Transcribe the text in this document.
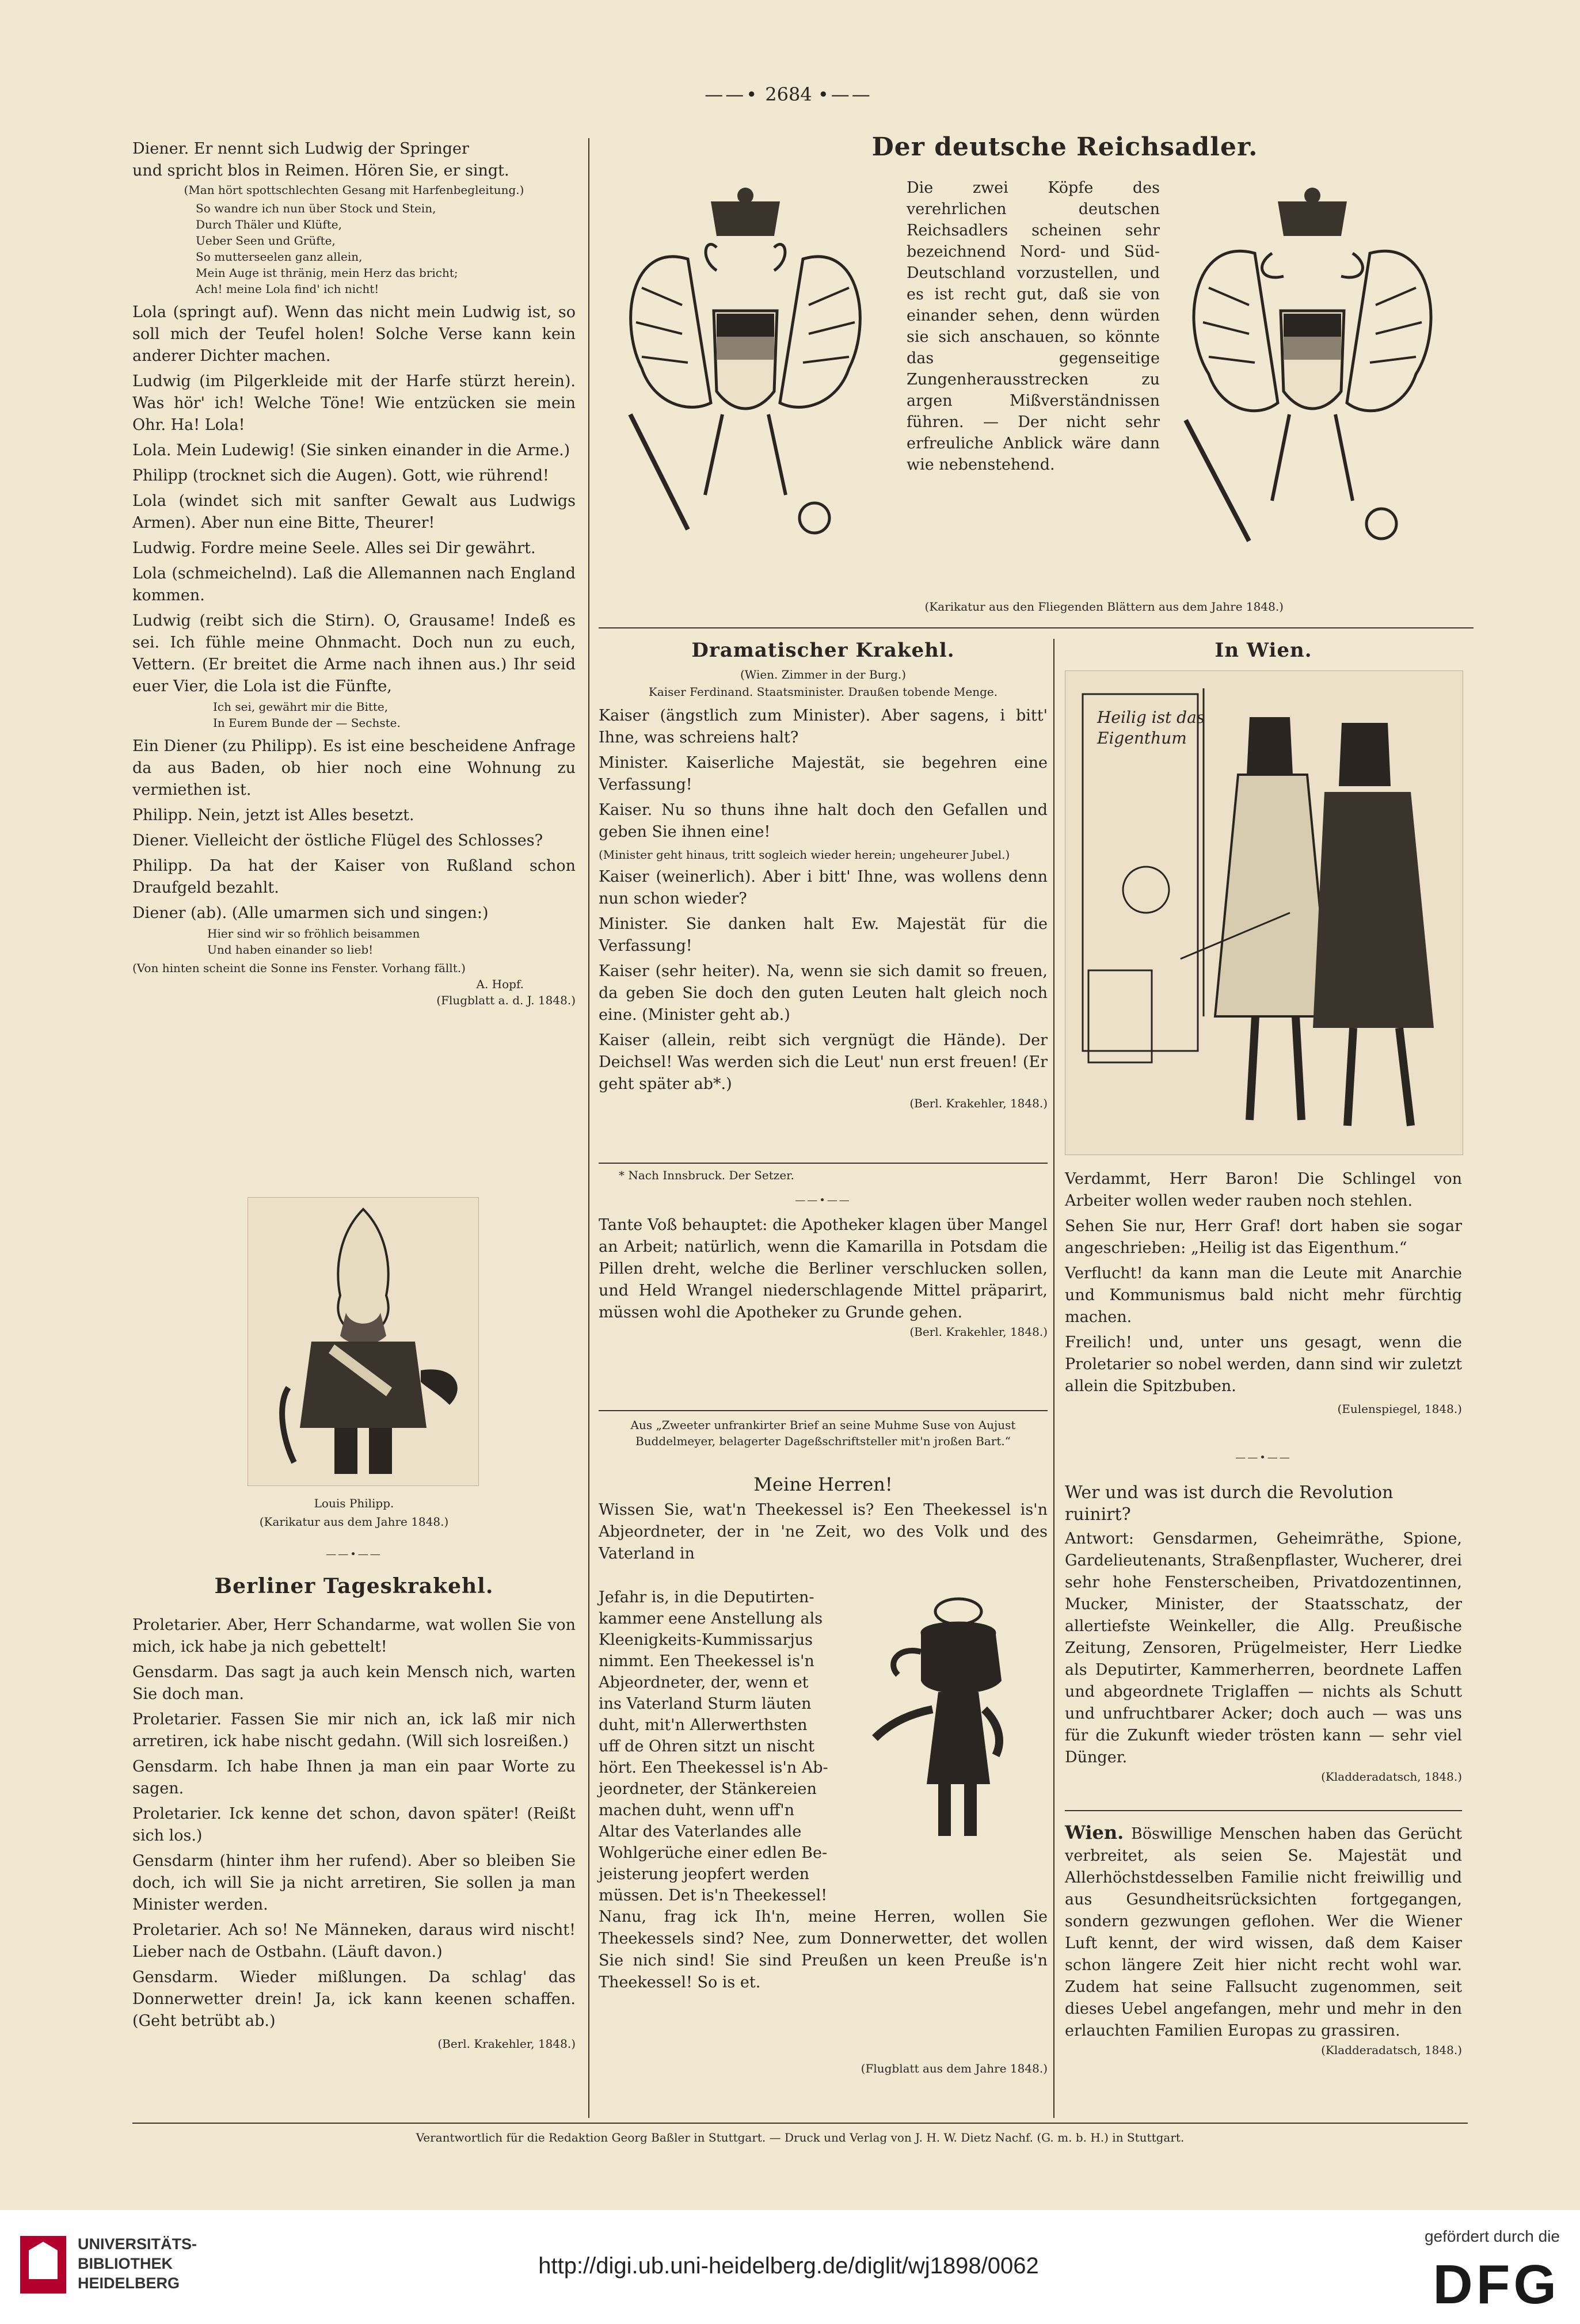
——• 2684 •——

Diener. Er nennt sich Ludwig der Springer

und spricht blos in Reimen. Hören Sie, er singt.

(Man hört spottschlechten Gesang mit Harfenbegleitung.)

So wandre ich nun über Stock und Stein,
Durch Thäler und Klüfte,
Ueber Seen und Grüfte,
So mutterseelen ganz allein,
Mein Auge ist thränig, mein Herz das bricht;
Ach! meine Lola find' ich nicht!

Lola (springt auf). Wenn das nicht mein Ludwig ist, so soll mich der Teufel holen! Solche Verse kann kein anderer Dichter machen.

Ludwig (im Pilgerkleide mit der Harfe stürzt herein). Was hör' ich! Welche Töne! Wie entzücken sie mein Ohr. Ha! Lola!

Lola. Mein Ludewig! (Sie sinken einander in die Arme.)

Philipp (trocknet sich die Augen). Gott, wie rührend!

Lola (windet sich mit sanfter Gewalt aus Ludwigs Armen). Aber nun eine Bitte, Theurer!

Ludwig. Fordre meine Seele. Alles sei Dir gewährt.

Lola (schmeichelnd). Laß die Allemannen nach England kommen.

Ludwig (reibt sich die Stirn). O, Grausame! Indeß es sei. Ich fühle meine Ohnmacht. Doch nun zu euch, Vettern. (Er breitet die Arme nach ihnen aus.) Ihr seid euer Vier, die Lola ist die Fünfte,

Ich sei, gewährt mir die Bitte,
In Eurem Bunde der — Sechste.

Ein Diener (zu Philipp). Es ist eine bescheidene Anfrage da aus Baden, ob hier noch eine Wohnung zu vermiethen ist.

Philipp. Nein, jetzt ist Alles besetzt.

Diener. Vielleicht der östliche Flügel des Schlosses?

Philipp. Da hat der Kaiser von Rußland schon Draufgeld bezahlt.

Diener (ab). (Alle umarmen sich und singen:)

Hier sind wir so fröhlich beisammen
Und haben einander so lieb!

(Von hinten scheint die Sonne ins Fenster. Vorhang fällt.)

A. Hopf.

(Flugblatt a. d. J. 1848.)

Louis Philipp.
(Karikatur aus dem Jahre 1848.)
——•——
Berliner Tageskrakehl.

Proletarier. Aber, Herr Schandarme, wat wollen Sie von mich, ick habe ja nich gebettelt!

Gensdarm. Das sagt ja auch kein Mensch nich, warten Sie doch man.

Proletarier. Fassen Sie mir nich an, ick laß mir nich arretiren, ick habe nischt gedahn. (Will sich losreißen.)

Gensdarm. Ich habe Ihnen ja man ein paar Worte zu sagen.

Proletarier. Ick kenne det schon, davon später! (Reißt sich los.)

Gensdarm (hinter ihm her rufend). Aber so bleiben Sie doch, ich will Sie ja nicht arretiren, Sie sollen ja man Minister werden.

Proletarier. Ach so! Ne Männeken, daraus wird nischt! Lieber nach de Ostbahn. (Läuft davon.)

Gensdarm. Wieder mißlungen. Da schlag' das Donnerwetter drein! Ja, ick kann keenen schaffen. (Geht betrübt ab.)

(Berl. Krakehler, 1848.)

Der deutsche Reichsadler.
Die zwei Köpfe des verehrlichen deutschen Reichsadlers scheinen sehr bezeichnend Nord- und Süd-Deutschland vorzustellen, und es ist recht gut, daß sie von einander sehen, denn würden sie sich anschauen, so könnte das gegenseitige Zungenherausstrecken zu argen Mißverständnissen führen. — Der nicht sehr erfreuliche Anblick wäre dann wie nebenstehend.
(Karikatur aus den Fliegenden Blättern aus dem Jahre 1848.)
Dramatischer Krakehl.
(Wien. Zimmer in der Burg.)
Kaiser Ferdinand. Staatsminister. Draußen tobende Menge.

Kaiser (ängstlich zum Minister). Aber sagens, i bitt' Ihne, was schreiens halt?

Minister. Kaiserliche Majestät, sie begehren eine Verfassung!

Kaiser. Nu so thuns ihne halt doch den Gefallen und geben Sie ihnen eine!

(Minister geht hinaus, tritt sogleich wieder herein; ungeheurer Jubel.)

Kaiser (weinerlich). Aber i bitt' Ihne, was wollens denn nun schon wieder?

Minister. Sie danken halt Ew. Majestät für die Verfassung!

Kaiser (sehr heiter). Na, wenn sie sich damit so freuen, da geben Sie doch den guten Leuten halt gleich noch eine. (Minister geht ab.)

Kaiser (allein, reibt sich vergnügt die Hände). Der Deichsel! Was werden sich die Leut' nun erst freuen! (Er geht später ab*.)

(Berl. Krakehler, 1848.)

* Nach Innsbruck. Der Setzer.
——•——

Tante Voß behauptet: die Apotheker klagen über Mangel an Arbeit; natürlich, wenn die Kamarilla in Potsdam die Pillen dreht, welche die Berliner verschlucken sollen, und Held Wrangel niederschlagende Mittel präparirt, müssen wohl die Apotheker zu Grunde gehen.

(Berl. Krakehler, 1848.)

Aus „Zweeter unfrankirter Brief an seine Muhme Suse von Aujust Buddelmeyer, belagerter Dageßschriftsteller mit'n jroßen Bart.“
Meine Herren!
Wissen Sie, wat'n Theekessel is? Een Theekessel is'n Abjeordneter, der in 'ne Zeit, wo des Volk und des Vaterland in
Jefahr is, in die Deputirten-
kammer eene Anstellung als
Kleenigkeits-Kummissarjus
nimmt. Een Theekessel is'n
Abjeordneter, der, wenn et
ins Vaterland Sturm läuten
duht, mit'n Allerwerthsten
uff de Ohren sitzt un nischt
hört. Een Theekessel is'n Ab-
jeordneter, der Stänkereien
machen duht, wenn uff'n
Altar des Vaterlandes alle
Wohlgerüche einer edlen Be-
jeisterung jeopfert werden
müssen. Det is'n Theekessel!

Nanu, frag ick Ih'n, meine Herren, wollen Sie Theekessels sind? Nee, zum Donnerwetter, det wollen Sie nich sind! Sie sind Preußen un keen Preuße is'n Theekessel! So is et.

(Flugblatt aus dem Jahre 1848.)
In Wien.
Heilig ist das Eigenthum

Verdammt, Herr Baron! Die Schlingel von Arbeiter wollen weder rauben noch stehlen.

Sehen Sie nur, Herr Graf! dort haben sie sogar angeschrieben: „Heilig ist das Eigenthum.“

Verflucht! da kann man die Leute mit Anarchie und Kommunismus bald nicht mehr fürchtig machen.

Freilich! und, unter uns gesagt, wenn die Proletarier so nobel werden, dann sind wir zuletzt allein die Spitzbuben.

(Eulenspiegel, 1848.)

——•——
Wer und was ist durch die Revolution ruinirt?

Antwort: Gensdarmen, Geheimräthe, Spione, Gardelieutenants, Straßenpflaster, Wucherer, drei sehr hohe Fensterscheiben, Privatdozentinnen, Mucker, Minister, der Staatsschatz, der allertiefste Weinkeller, die Allg. Preußische Zeitung, Zensoren, Prügelmeister, Herr Liedke als Deputirter, Kammerherren, beordnete Laffen und abgeordnete Triglaffen — nichts als Schutt und unfruchtbarer Acker; doch auch — was uns für die Zukunft wieder trösten kann — sehr viel Dünger.

(Kladderadatsch, 1848.)

Wien. Böswillige Menschen haben das Gerücht verbreitet, als seien Se. Majestät und Allerhöchstdesselben Familie nicht freiwillig und aus Gesundheitsrücksichten fortgegangen, sondern gezwungen geflohen. Wer die Wiener Luft kennt, der wird wissen, daß dem Kaiser schon längere Zeit hier nicht recht wohl war. Zudem hat seine Fallsucht zugenommen, seit dieses Uebel angefangen, mehr und mehr in den erlauchten Familien Europas zu grassiren.

(Kladderadatsch, 1848.)

Verantwortlich für die Redaktion Georg Baßler in Stuttgart. — Druck und Verlag von J. H. W. Dietz Nachf. (G. m. b. H.) in Stuttgart.
UNIVERSITÄTS-
BIBLIOTHEK
HEIDELBERG
http://digi.ub.uni-heidelberg.de/diglit/wj1898/0062
gefördert durch die
DFG
